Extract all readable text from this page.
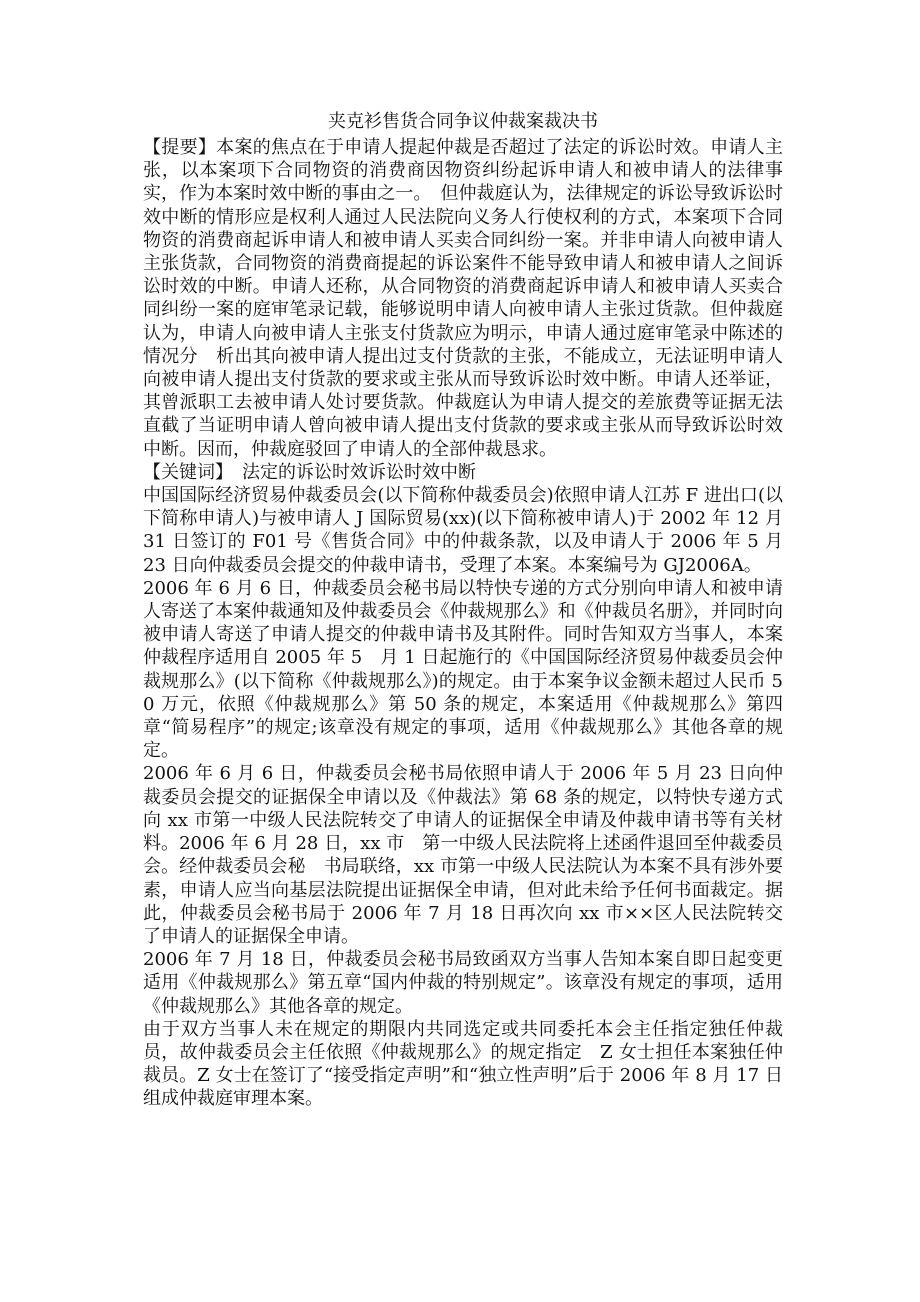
夹克衫售货合同争议仲裁案裁决书

【提要】本案的焦点在于申请人提起仲裁是否超过了法定的诉讼时效。申请人主张，以本案项下合同物资的消费商因物资纠纷起诉申请人和被申请人的法律事实，作为本案时效中断的事由之一。　但仲裁庭认为，法律规定的诉讼导致诉讼时效中断的情形应是权利人通过人民法院向义务人行使权利的方式，本案项下合同物资的消费商起诉申请人和被申请人买卖合同纠纷一案。并非申请人向被申请人主张货款，合同物资的消费商提起的诉讼案件不能导致申请人和被申请人之间诉讼时效的中断。申请人还称，从合同物资的消费商起诉申请人和被申请人买卖合同纠纷一案的庭审笔录记载，能够说明申请人向被申请人主张过货款。但仲裁庭认为，申请人向被申请人主张支付货款应为明示，申请人通过庭审笔录中陈述的情况分　析出其向被申请人提出过支付货款的主张，不能成立，无法证明申请人向被申请人提出支付货款的要求或主张从而导致诉讼时效中断。申请人还举证，其曾派职工去被申请人处讨要货款。仲裁庭认为申请人提交的差旅费等证据无法直截了当证明申请人曾向被申请人提出支付货款的要求或主张从而导致诉讼时效中断。因而，仲裁庭驳回了申请人的全部仲裁恳求。

【关键词】　法定的诉讼时效诉讼时效中断

中国国际经济贸易仲裁委员会(以下简称仲裁委员会)依照申请人江苏 F 进出口(以下简称申请人)与被申请人 J 国际贸易(xx)(以下简称被申请人)于 2002 年 12 月 31 日签订的 F01 号《售货合同》中的仲裁条款，以及申请人于 2006 年 5 月 23 日向仲裁委员会提交的仲裁申请书，受理了本案。本案编号为 GJ2006A。

2006 年 6 月 6 日，仲裁委员会秘书局以特快专递的方式分别向申请人和被申请人寄送了本案仲裁通知及仲裁委员会《仲裁规那么》和《仲裁员名册》，并同时向被申请人寄送了申请人提交的仲裁申请书及其附件。同时告知双方当事人，本案仲裁程序适用自 2005 年 5　月 1 日起施行的《中国国际经济贸易仲裁委员会仲裁规那么》(以下简称《仲裁规那么》)的规定。由于本案争议金额未超过人民币 50 万元，依照《仲裁规那么》第 50 条的规定，本案适用《仲裁规那么》第四章“简易程序”的规定;该章没有规定的事项，适用《仲裁规那么》其他各章的规定。

2006 年 6 月 6 日，仲裁委员会秘书局依照申请人于 2006 年 5 月 23 日向仲裁委员会提交的证据保全申请以及《仲裁法》第 68 条的规定，以特快专递方式向 xx 市第一中级人民法院转交了申请人的证据保全申请及仲裁申请书等有关材料。2006 年 6 月 28 日，xx 市　第一中级人民法院将上述函件退回至仲裁委员会。经仲裁委员会秘　书局联络，xx 市第一中级人民法院认为本案不具有涉外要素，申请人应当向基层法院提出证据保全申请，但对此未给予任何书面裁定。据此，仲裁委员会秘书局于 2006 年 7 月 18 日再次向 xx 市××区人民法院转交了申请人的证据保全申请。

2006 年 7 月 18 日，仲裁委员会秘书局致函双方当事人告知本案自即日起变更适用《仲裁规那么》第五章“国内仲裁的特别规定”。该章没有规定的事项，适用《仲裁规那么》其他各章的规定。

由于双方当事人未在规定的期限内共同选定或共同委托本会主任指定独任仲裁员，故仲裁委员会主任依照《仲裁规那么》的规定指定　Z 女士担任本案独任仲裁员。Z 女士在签订了“接受指定声明”和“独立性声明”后于 2006 年 8 月 17 日组成仲裁庭审理本案。
